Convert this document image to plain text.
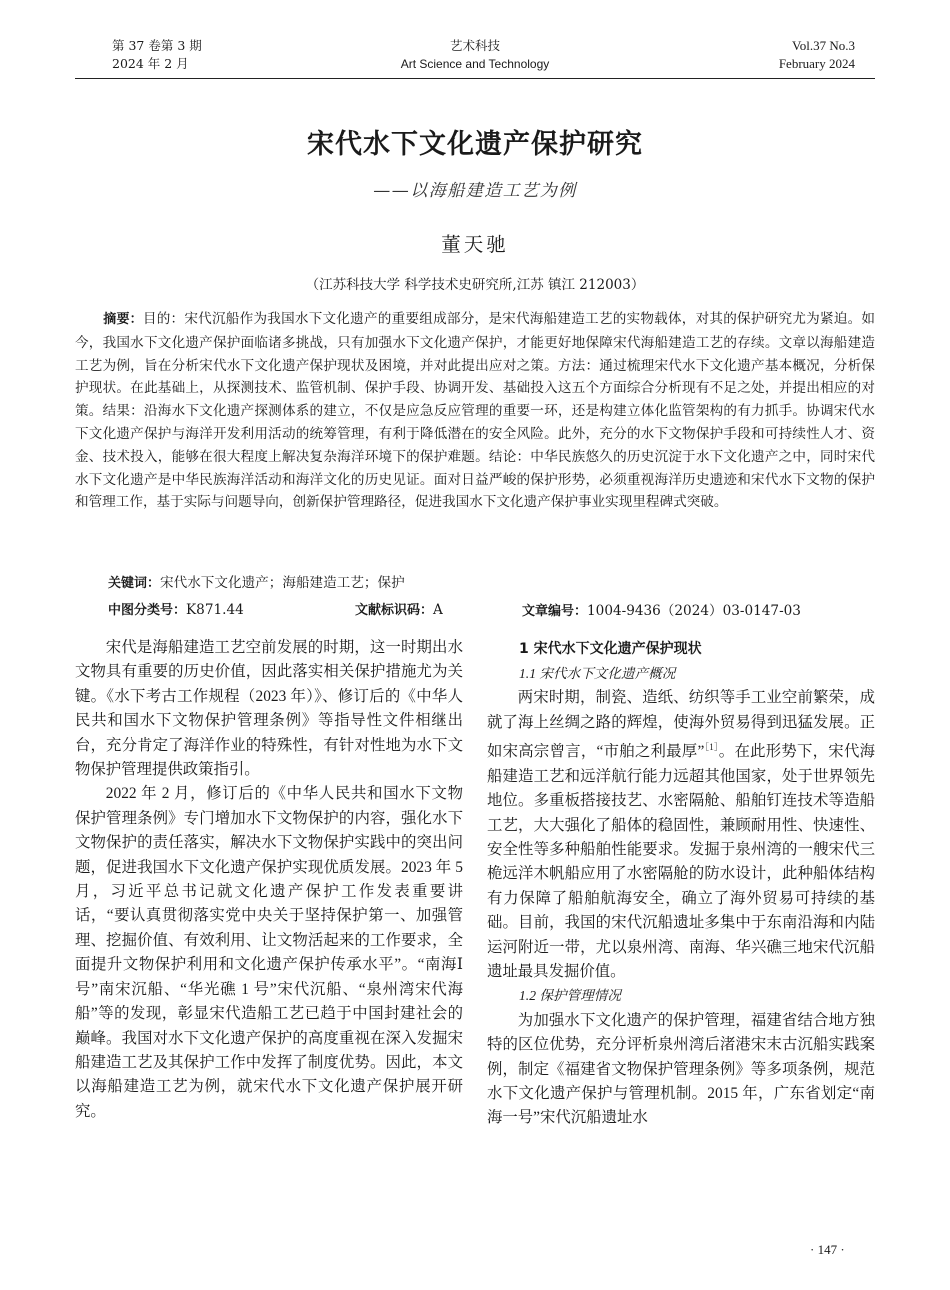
第 37 卷第 3 期
2024 年 2 月
艺术科技
Art Science and Technology
Vol.37 No.3
February 2024
宋代水下文化遗产保护研究
——以海船建造工艺为例
董天驰
（江苏科技大学 科学技术史研究所,江苏 镇江 212003）
摘要：目的：宋代沉船作为我国水下文化遗产的重要组成部分，是宋代海船建造工艺的实物载体，对其的保护研究尤为紧迫。如今，我国水下文化遗产保护面临诸多挑战，只有加强水下文化遗产保护，才能更好地保障宋代海船建造工艺的存续。文章以海船建造工艺为例，旨在分析宋代水下文化遗产保护现状及困境，并对此提出应对之策。方法：通过梳理宋代水下文化遗产基本概况，分析保护现状。在此基础上，从探测技术、监管机制、保护手段、协调开发、基础投入这五个方面综合分析现有不足之处，并提出相应的对策。结果：沿海水下文化遗产探测体系的建立，不仅是应急反应管理的重要一环，还是构建立体化监管架构的有力抓手。协调宋代水下文化遗产保护与海洋开发利用活动的统筹管理，有利于降低潜在的安全风险。此外，充分的水下文物保护手段和可持续性人才、资金、技术投入，能够在很大程度上解决复杂海洋环境下的保护难题。结论：中华民族悠久的历史沉淀于水下文化遗产之中，同时宋代水下文化遗产是中华民族海洋活动和海洋文化的历史见证。面对日益严峻的保护形势，必须重视海洋历史遗迹和宋代水下文物的保护和管理工作，基于实际与问题导向，创新保护管理路径，促进我国水下文化遗产保护事业实现里程碑式突破。
关键词：宋代水下文化遗产；海船建造工艺；保护
中图分类号：K871.44	文献标识码：A	文章编号：1004-9436（2024）03-0147-03

宋代是海船建造工艺空前发展的时期，这一时期出水文物具有重要的历史价值，因此落实相关保护措施尤为关键。《水下考古工作规程（2023 年）》、修订后的《中华人民共和国水下文物保护管理条例》等指导性文件相继出台，充分肯定了海洋作业的特殊性，有针对性地为水下文物保护管理提供政策指引。

2022 年 2 月，修订后的《中华人民共和国水下文物保护管理条例》专门增加水下文物保护的内容，强化水下文物保护的责任落实，解决水下文物保护实践中的突出问题，促进我国水下文化遗产保护实现优质发展。2023 年 5 月，习近平总书记就文化遗产保护工作发表重要讲话，“要认真贯彻落实党中央关于坚持保护第一、加强管理、挖掘价值、有效利用、让文物活起来的工作要求，全面提升文物保护利用和文化遗产保护传承水平”。“南海Ⅰ号”南宋沉船、“华光礁 1 号”宋代沉船、“泉州湾宋代海船”等的发现，彰显宋代造船工艺已趋于中国封建社会的巅峰。我国对水下文化遗产保护的高度重视在深入发掘宋船建造工艺及其保护工作中发挥了制度优势。因此，本文以海船建造工艺为例，就宋代水下文化遗产保护展开研究。

1 宋代水下文化遗产保护现状
1.1 宋代水下文化遗产概况

两宋时期，制瓷、造纸、纺织等手工业空前繁荣，成就了海上丝绸之路的辉煌，使海外贸易得到迅猛发展。正如宋高宗曾言，“市舶之利最厚”$^{[1]}$。在此形势下，宋代海船建造工艺和远洋航行能力远超其他国家，处于世界领先地位。多重板搭接技艺、水密隔舱、船舶钉连技术等造船工艺，大大强化了船体的稳固性，兼顾耐用性、快速性、安全性等多种船舶性能要求。发掘于泉州湾的一艘宋代三桅远洋木帆船应用了水密隔舱的防水设计，此种船体结构有力保障了船舶航海安全，确立了海外贸易可持续的基础。目前，我国的宋代沉船遗址多集中于东南沿海和内陆运河附近一带，尤以泉州湾、南海、华兴礁三地宋代沉船遗址最具发掘价值。

1.2 保护管理情况

为加强水下文化遗产的保护管理，福建省结合地方独特的区位优势，充分评析泉州湾后渚港宋末古沉船实践案例，制定《福建省文物保护管理条例》等多项条例，规范水下文化遗产保护与管理机制。2015 年，广东省划定“南海一号”宋代沉船遗址水

· 147 ·
